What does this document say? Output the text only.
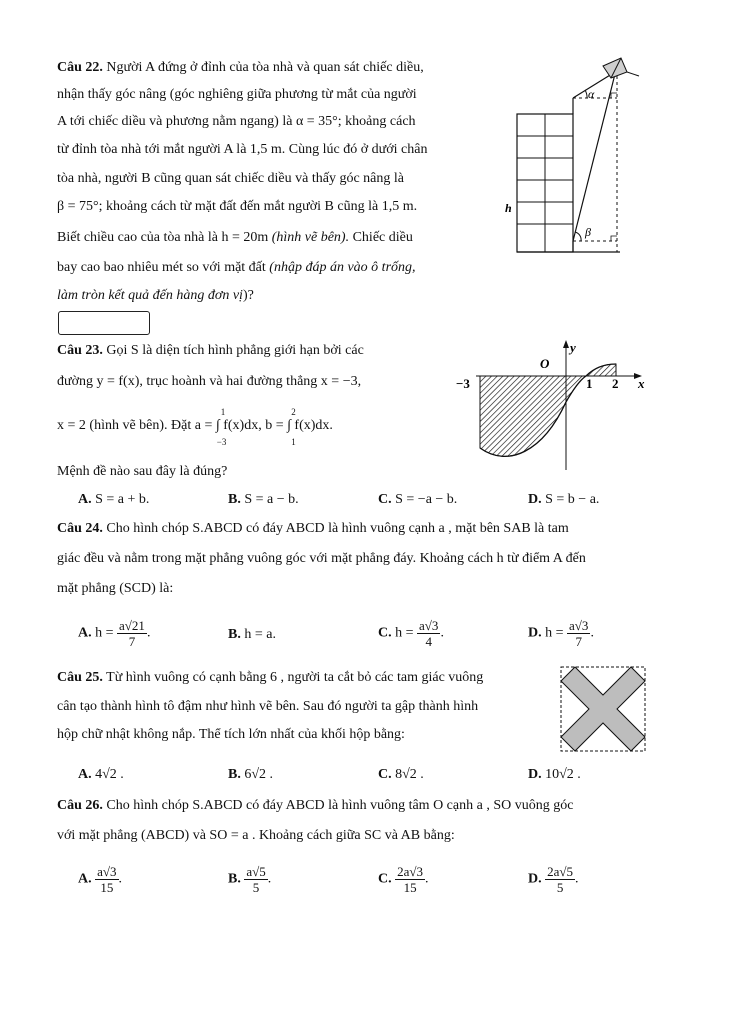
Câu 22. Người A đứng ở đỉnh của tòa nhà và quan sát chiếc diều,
nhận thấy góc nâng (góc nghiêng giữa phương từ mắt của người
A tới chiếc diều và phương nằm ngang) là α = 35°; khoảng cách
từ đỉnh tòa nhà tới mắt người A là 1,5 m. Cùng lúc đó ở dưới chân
tòa nhà, người B cũng quan sát chiếc diều và thấy góc nâng là
β = 75°; khoảng cách từ mặt đất đến mắt người B cũng là 1,5 m.
Biết chiều cao của tòa nhà là h = 20m (hình vẽ bên). Chiếc diều
bay cao bao nhiêu mét so với mặt đất (nhập đáp án vào ô trống,
làm tròn kết quả đến hàng đơn vị)?
α
β
h
Câu 23. Gọi S là diện tích hình phẳng giới hạn bởi các
đường y = f(x), trục hoành và hai đường thẳng x = −3,
x = 2 (hình vẽ bên). Đặt a = ∫ f(x)dx
1
−3
, b = ∫ f(x)dx
2
1
.
Mệnh đề nào sau đây là đúng?
O
y
x
−3	1 2
A. S = a + b.	B. S = a − b.	C. S = −a − b.	D. S = b − a.
Câu 24. Cho hình chóp S.ABCD có đáy ABCD là hình vuông cạnh a , mặt bên SAB là tam
giác đều và nằm trong mặt phẳng vuông góc với mặt phẳng đáy. Khoảng cách h từ điểm A đến
mặt phẳng (SCD) là:
A. $h = \frac{a√21}{7}$ .	B. h = a.	C. $h = \frac{a√3}{4}$ .	D. $h = \frac{a√3}{7}$ .
Câu 25. Từ hình vuông có cạnh bằng 6 , người ta cắt bỏ các tam giác vuông
cân tạo thành hình tô đậm như hình vẽ bên. Sau đó người ta gập thành hình
hộp chữ nhật không nắp. Thể tích lớn nhất của khối hộp bằng:
A. 4√2 .	B. 6√2 .	C. 8√2 .	D. 10√2 .
Câu 26. Cho hình chóp S.ABCD có đáy ABCD là hình vuông tâm O cạnh a , SO vuông góc
với mặt phẳng (ABCD) và SO = a . Khoảng cách giữa SC và AB bằng:
A. $\frac{a√3}{15}$ .	B. $\frac{a√5}{5}$ .	C. $\frac{2a√3}{15}$ .	D. $\frac{2a√5}{5}$ .
